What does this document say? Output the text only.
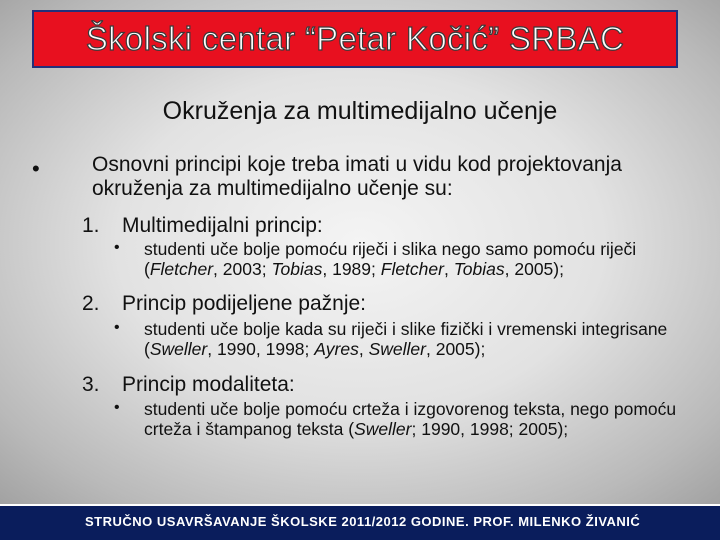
Školski centar “Petar Kočić” SRBAC
Okruženja za multimedijalno učenje
• Osnovni principi koje treba imati u vidu kod projektovanja okruženja za multimedijalno učenje su:
1. Multimedijalni princip:
• studenti uče bolje pomoću riječi i slika nego samo pomoću riječi (Fletcher, 2003; Tobias, 1989; Fletcher, Tobias, 2005);
2. Princip podijeljene pažnje:
• studenti uče bolje kada su riječi i slike fizički i vremenski integrisane (Sweller, 1990, 1998; Ayres, Sweller, 2005);
3. Princip modaliteta:
• studenti uče bolje pomoću crteža i izgovorenog teksta, nego pomoću crteža i štampanog teksta (Sweller; 1990, 1998; 2005);
STRUČNO USAVRŠAVANJE ŠKOLSKE 2011/2012 GODINE. PROF. MILENKO ŽIVANIĆ
